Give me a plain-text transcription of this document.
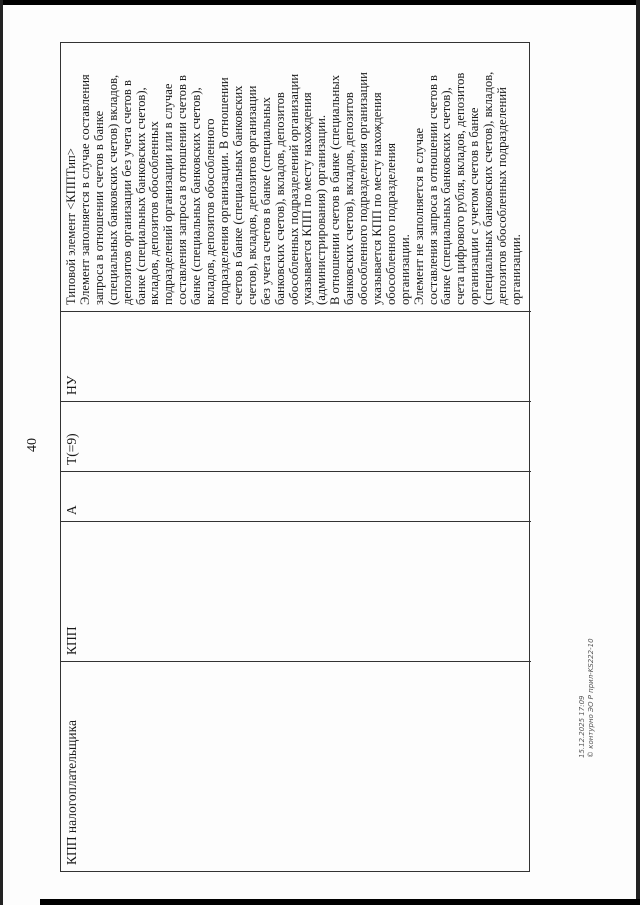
40
КПП налогоплательщика
КПП
А
Т(=9)
НУ
Типовой элемент <КППТип> Элемент заполняется в случае составления запроса в отношении счетов в банке (специальных банковских счетов) вкладов, депозитов организации без учета счетов в банке (специальных банковских счетов), вкладов, депозитов обособленных подразделений организации или в случае составления запроса в отношении счетов в банке (специальных банковских счетов), вкладов, депозитов обособленного подразделения организации. В отношении счетов в банке (специальных банковских счетов), вкладов, депозитов организации без учета счетов в банке (специальных банковских счетов), вкладов, депозитов обособленных подразделений организации указывается КПП по месту нахождения (администрирования) организации. В отношении счетов в банке (специальных банковских счетов), вкладов, депозитов обособленного подразделения организации указывается КПП по месту нахождения обособленного подразделения организации. Элемент не заполняется в случае составления запроса в отношении счетов в банке (специальных банковских счетов), счета цифрового рубля, вкладов, депозитов организации с учетом счетов в банке (специальных банковских счетов), вкладов, депозитов обособленных подразделений организации.
15.12.2025 17:09 © контурно ЭО Р прил-KS222-10
